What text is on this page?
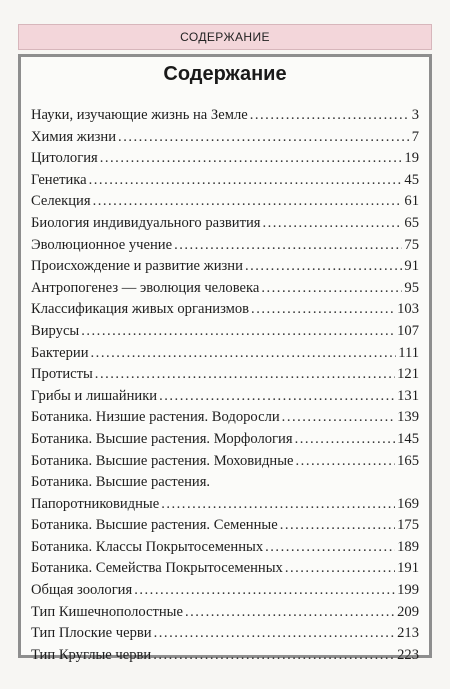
СОДЕРЖАНИЕ
Содержание
Науки, изучающие жизнь на Земле .....	3
Химия жизни .....	7
Цитология .....	19
Генетика .....	45
Селекция .....	61
Биология индивидуального развития .....	65
Эволюционное учение .....	75
Происхождение и развитие жизни .....	91
Антропогенез — эволюция человека .....	95
Классификация живых организмов .....	103
Вирусы .....	107
Бактерии .....	111
Протисты .....	121
Грибы и лишайники .....	131
Ботаника. Низшие растения. Водоросли .....	139
Ботаника. Высшие растения. Морфология .....	145
Ботаника. Высшие растения. Моховидные .....	165
Ботаника. Высшие растения.
Папоротниковидные .....	169
Ботаника. Высшие растения. Семенные .....	175
Ботаника. Классы Покрытосеменных .....	189
Ботаника. Семейства Покрытосеменных .....	191
Общая зоология .....	199
Тип Кишечнополостные .....	209
Тип Плоские черви .....	213
Тип Круглые черви .....	223
